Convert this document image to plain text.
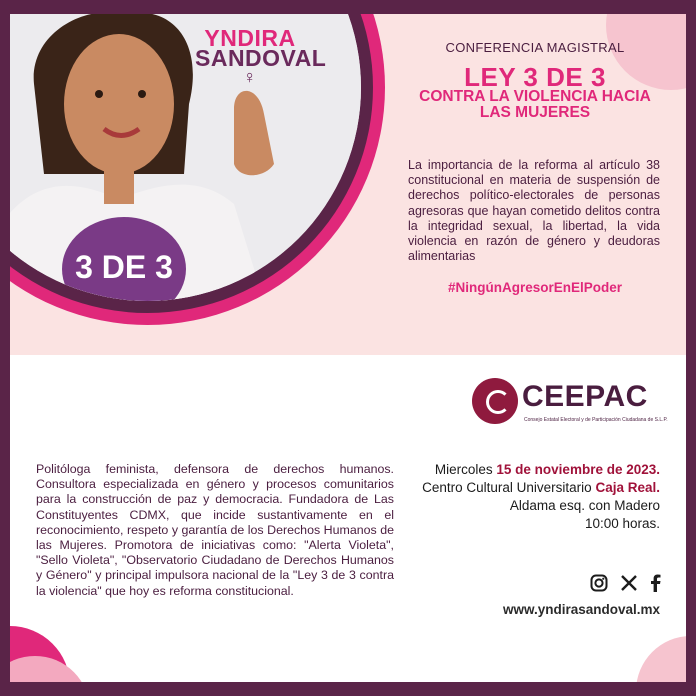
3 DE 3
YNDIRA
SANDOVAL
♀
CONFERENCIA MAGISTRAL
LEY 3 DE 3
CONTRA LA VIOLENCIA HACIA
LAS MUJERES
La importancia de la reforma al artículo 38 constitucional en materia de suspensión de derechos político-electorales de personas agresoras que hayan cometido delitos contra la integridad sexual, la libertad, la vida violencia en razón de género y deudoras alimentarias
#NingúnAgresorEnElPoder
CEEPAC
Consejo Estatal Electoral y de Participación Ciudadana de S.L.P.
Politóloga feminista, defensora de derechos humanos. Consultora especializada en género y procesos comunitarios para la construcción de paz y democracia. Fundadora de Las Constituyentes CDMX, que incide sustantivamente en el reconocimiento, respeto y garantía de los Derechos Humanos de las Mujeres. Promotora de iniciativas como: "Alerta Violeta", "Sello Violeta", "Observatorio Ciudadano de Derechos Humanos y Género" y principal impulsora nacional de la "Ley 3 de 3 contra la violencia" que hoy es reforma constitucional.
Miercoles 15 de noviembre de 2023.
Centro Cultural Universitario Caja Real.
Aldama esq. con Madero
10:00 horas.
www.yndirasandoval.mx
